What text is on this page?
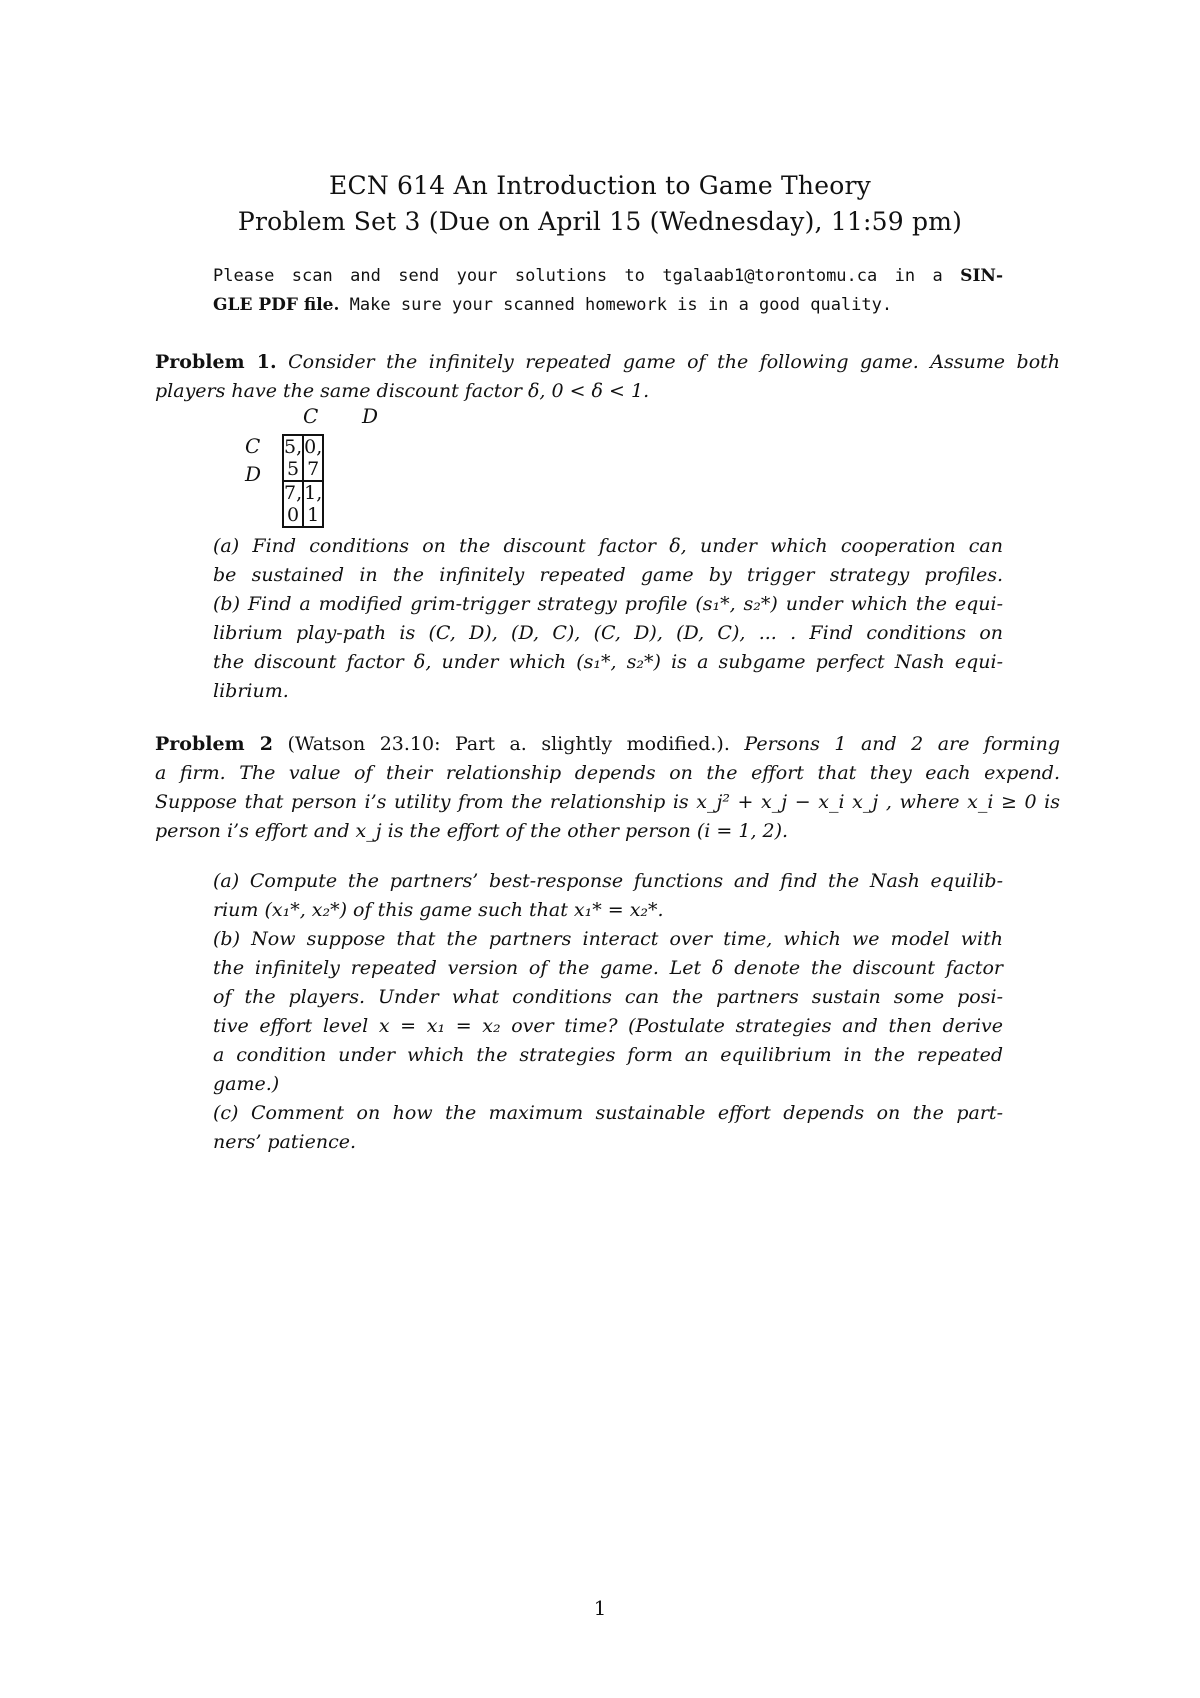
ECN 614 An Introduction to Game Theory
Problem Set 3 (Due on April 15 (Wednesday), 11:59 pm)
Please scan and send your solutions to tgalaab1@torontomu.ca in a SIN-
GLE PDF file. Make sure your scanned homework is in a good quality.
Problem 1. Consider the infinitely repeated game of the following game. Assume both
players have the same discount factor δ, 0 < δ < 1.
C D
C
D
5, 5	0, 7
7, 0	1, 1
(a) Find conditions on the discount factor δ, under which cooperation can
be sustained in the infinitely repeated game by trigger strategy profiles.
(b) Find a modified grim-trigger strategy profile (s₁*, s₂*) under which the equi-
librium play-path is (C, D), (D, C), (C, D), (D, C), ... . Find conditions on
the discount factor δ, under which (s₁*, s₂*) is a subgame perfect Nash equi-
librium.
Problem 2 (Watson 23.10: Part a. slightly modified.). Persons 1 and 2 are forming
a firm. The value of their relationship depends on the effort that they each expend.
Suppose that person i’s utility from the relationship is x_j² + x_j − x_i x_j , where x_i ≥ 0 is
person i’s effort and x_j is the effort of the other person (i = 1, 2).
(a) Compute the partners’ best-response functions and find the Nash equilib-
rium (x₁*, x₂*) of this game such that x₁* = x₂*.
(b) Now suppose that the partners interact over time, which we model with
the infinitely repeated version of the game. Let δ denote the discount factor
of the players. Under what conditions can the partners sustain some posi-
tive effort level x = x₁ = x₂ over time? (Postulate strategies and then derive
a condition under which the strategies form an equilibrium in the repeated
game.)
(c) Comment on how the maximum sustainable effort depends on the part-
ners’ patience.
1
